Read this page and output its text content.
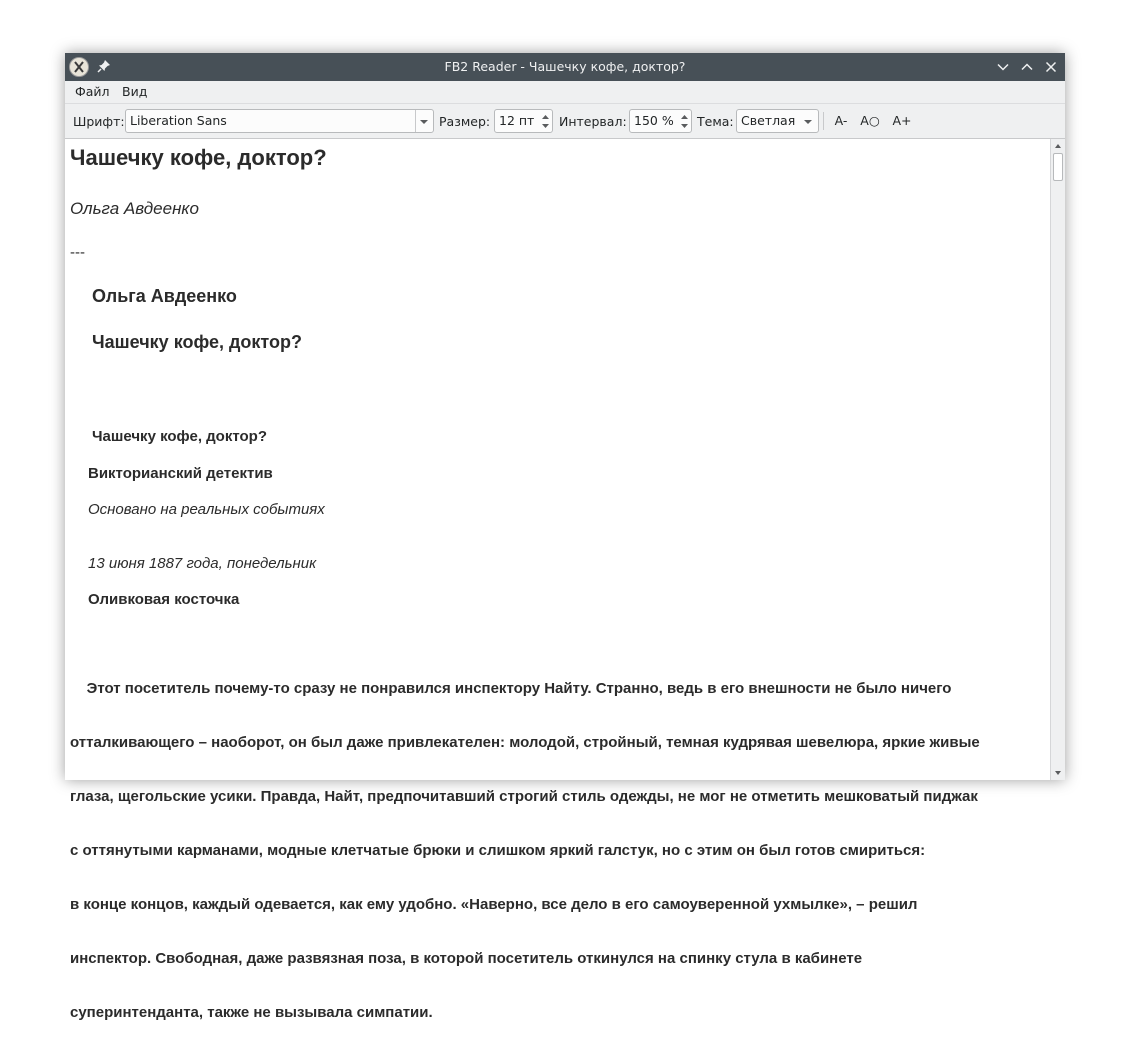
FB2 Reader - Чашечку кофе, доктор?
Файл Вид
Шрифт: Liberation Sans	Размер: 12 пт Интервал: 150 % Тема: Светлая	A- A○ A+
Чашечку кофе, доктор?
Ольга Авдеенко
---
Ольга Авдеенко
Чашечку кофе, доктор?
Чашечку кофе, доктор?
Викторианский детектив
Основано на реальных событиях
13 июня 1887 года, понедельник
Оливковая косточка

Этот посетитель почему-то сразу не понравился инспектору Найту. Странно, ведь в его внешности не было ничего

отталкивающего – наоборот, он был даже привлекателен: молодой, стройный, темная кудрявая шевелюра, яркие живые

глаза, щегольские усики. Правда, Найт, предпочитавший строгий стиль одежды, не мог не отметить мешковатый пиджак

с оттянутыми карманами, модные клетчатые брюки и слишком яркий галстук, но с этим он был готов смириться:

в конце концов, каждый одевается, как ему удобно. «Наверно, все дело в его самоуверенной ухмылке», – решил

инспектор. Свободная, даже развязная поза, в которой посетитель откинулся на спинку стула в кабинете

суперинтенданта, также не вызывала симпатии.
